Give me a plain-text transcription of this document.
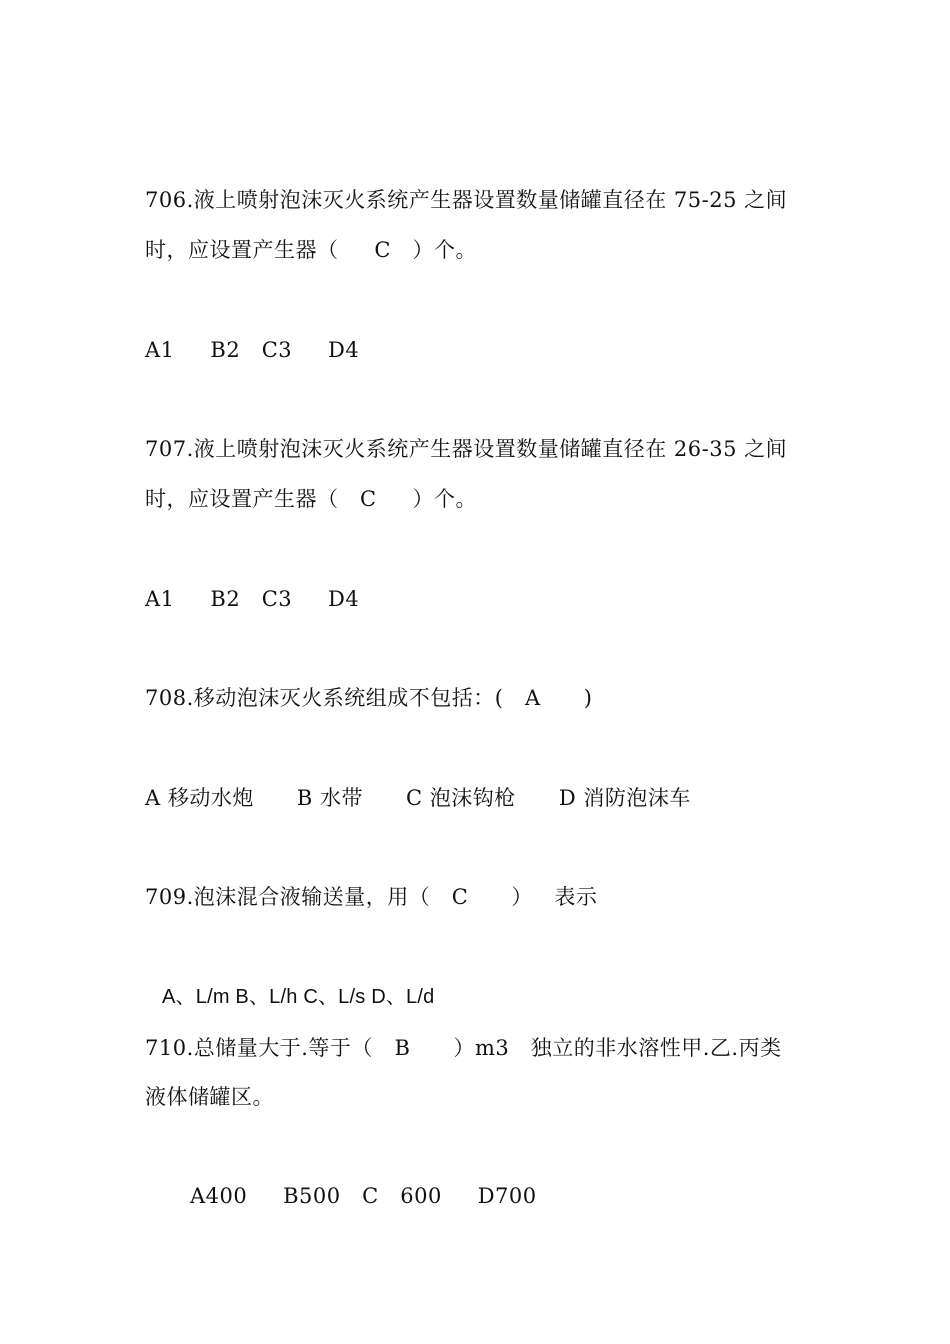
706.液上喷射泡沫灭火系统产生器设置数量储罐直径在 75-25 之间
时，应设置产生器（     C   ）个。
A1     B2   C3     D4
707.液上喷射泡沫灭火系统产生器设置数量储罐直径在 26-35 之间
时，应设置产生器（   C     ）个。
A1     B2   C3     D4
708.移动泡沫灭火系统组成不包括：(   A      )
A 移动水炮      B 水带      C 泡沫钩枪      D 消防泡沫车
709.泡沫混合液输送量，用（   C      ）   表示
A、L/m B、L/h C、L/s D、L/d
710.总储量大于.等于（   B      ）m3   独立的非水溶性甲.乙.丙类
液体储罐区。
A400     B500   C   600     D700
